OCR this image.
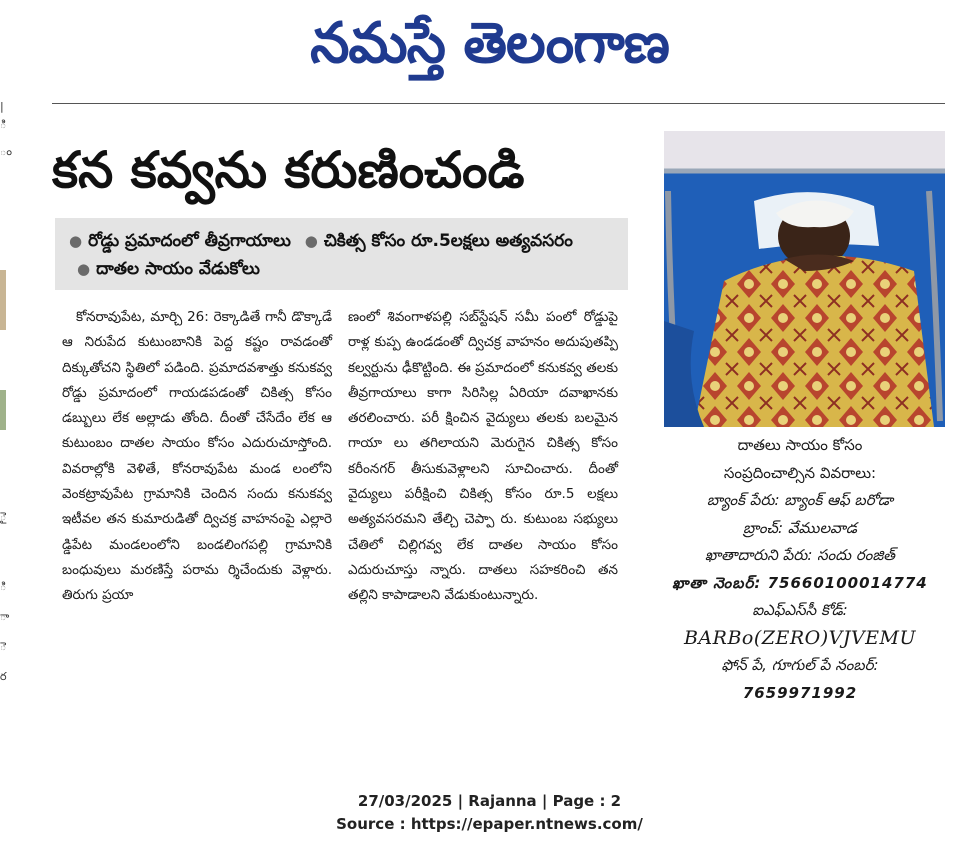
నమస్తే తెలంగాణ
|
ి
ం
ై
ి
ా
ె
ర
కన కవ్వను కరుణించండి
● రోడ్డు ప్రమాదంలో తీవ్రగాయాలు ● చికిత్స కోసం రూ.5లక్షలు అత్యవసరం ● దాతల సాయం వేడుకోలు
కోనరావుపేట, మార్చి 26: రెక్కాడితే గానీ డొక్కాడే ఆ నిరుపేద కుటుంబానికి పెద్ద కష్టం రావడంతో దిక్కుతోచని స్థితిలో పడింది. ప్రమాదవశాత్తు కనుకవ్వ రోడ్డు ప్రమాదంలో గాయడపడంతో చికిత్స కోసం డబ్బులు లేక అల్లాడు తోంది. దీంతో చేసేదేం లేక ఆ కుటుంబం దాతల సాయం కోసం ఎదురుచూస్తోంది. వివరాల్లోకి వెళితే, కోనరావుపేట మండ లంలోని వెంకట్రావుపేట గ్రామానికి చెందిన సందు కనుకవ్వ ఇటీవల తన కుమారుడితో ద్విచక్ర వాహనంపై ఎల్లారె డ్డిపేట మండలంలోని బండలింగపల్లి గ్రామానికి బంధువులు మరణిస్తే పరామ ర్శిచేందుకు వెళ్లారు. తిరుగు ప్రయా
ణంలో శివంగాళపల్లి సబ్‌స్టేషన్ సమీ పంలో రోడ్డుపై రాళ్ల కుప్ప ఉండడంతో ద్విచక్ర వాహనం అదుపుతప్పి కల్వర్టును ఢీకొట్టింది. ఈ ప్రమాదంలో కనుకవ్వ తలకు తీవ్రగాయాలు కాగా సిరిసిల్ల ఏరియా దవాఖానకు తరలించారు. పరీ క్షించిన వైద్యులు తలకు బలమైన గాయా లు తగిలాయని మెరుగైన చికిత్స కోసం కరీంనగర్ తీసుకువెళ్లాలని సూచించారు. దీంతో వైద్యులు పరీక్షించి చికిత్స కోసం రూ.5 లక్షలు అత్యవసరమని తేల్చి చెప్పా రు. కుటుంబ సభ్యులు చేతిలో చిల్లిగవ్వ లేక దాతల సాయం కోసం ఎదురుచూస్తు న్నారు. దాతలు సహకరించి తన తల్లిని కాపాడాలని వేడుకుంటున్నారు.
దాతలు సాయం కోసం
సంప్రదించాల్సిన వివరాలు:
బ్యాంక్ పేరు: బ్యాంక్ ఆఫ్ బరోడా
బ్రాంచ్: వేములవాడ
ఖాతాదారుని పేరు: సందు రంజిత్
ఖాతా నెంబర్: 75660100014774
ఐఎఫ్‌ఎస్‌సీ కోడ్:
BARBo(ZERO)VJVEMU
ఫోన్ పే, గూగుల్ పే నంబర్:
7659971992
27/03/2025 | Rajanna | Page : 2
Source : https://epaper.ntnews.com/
